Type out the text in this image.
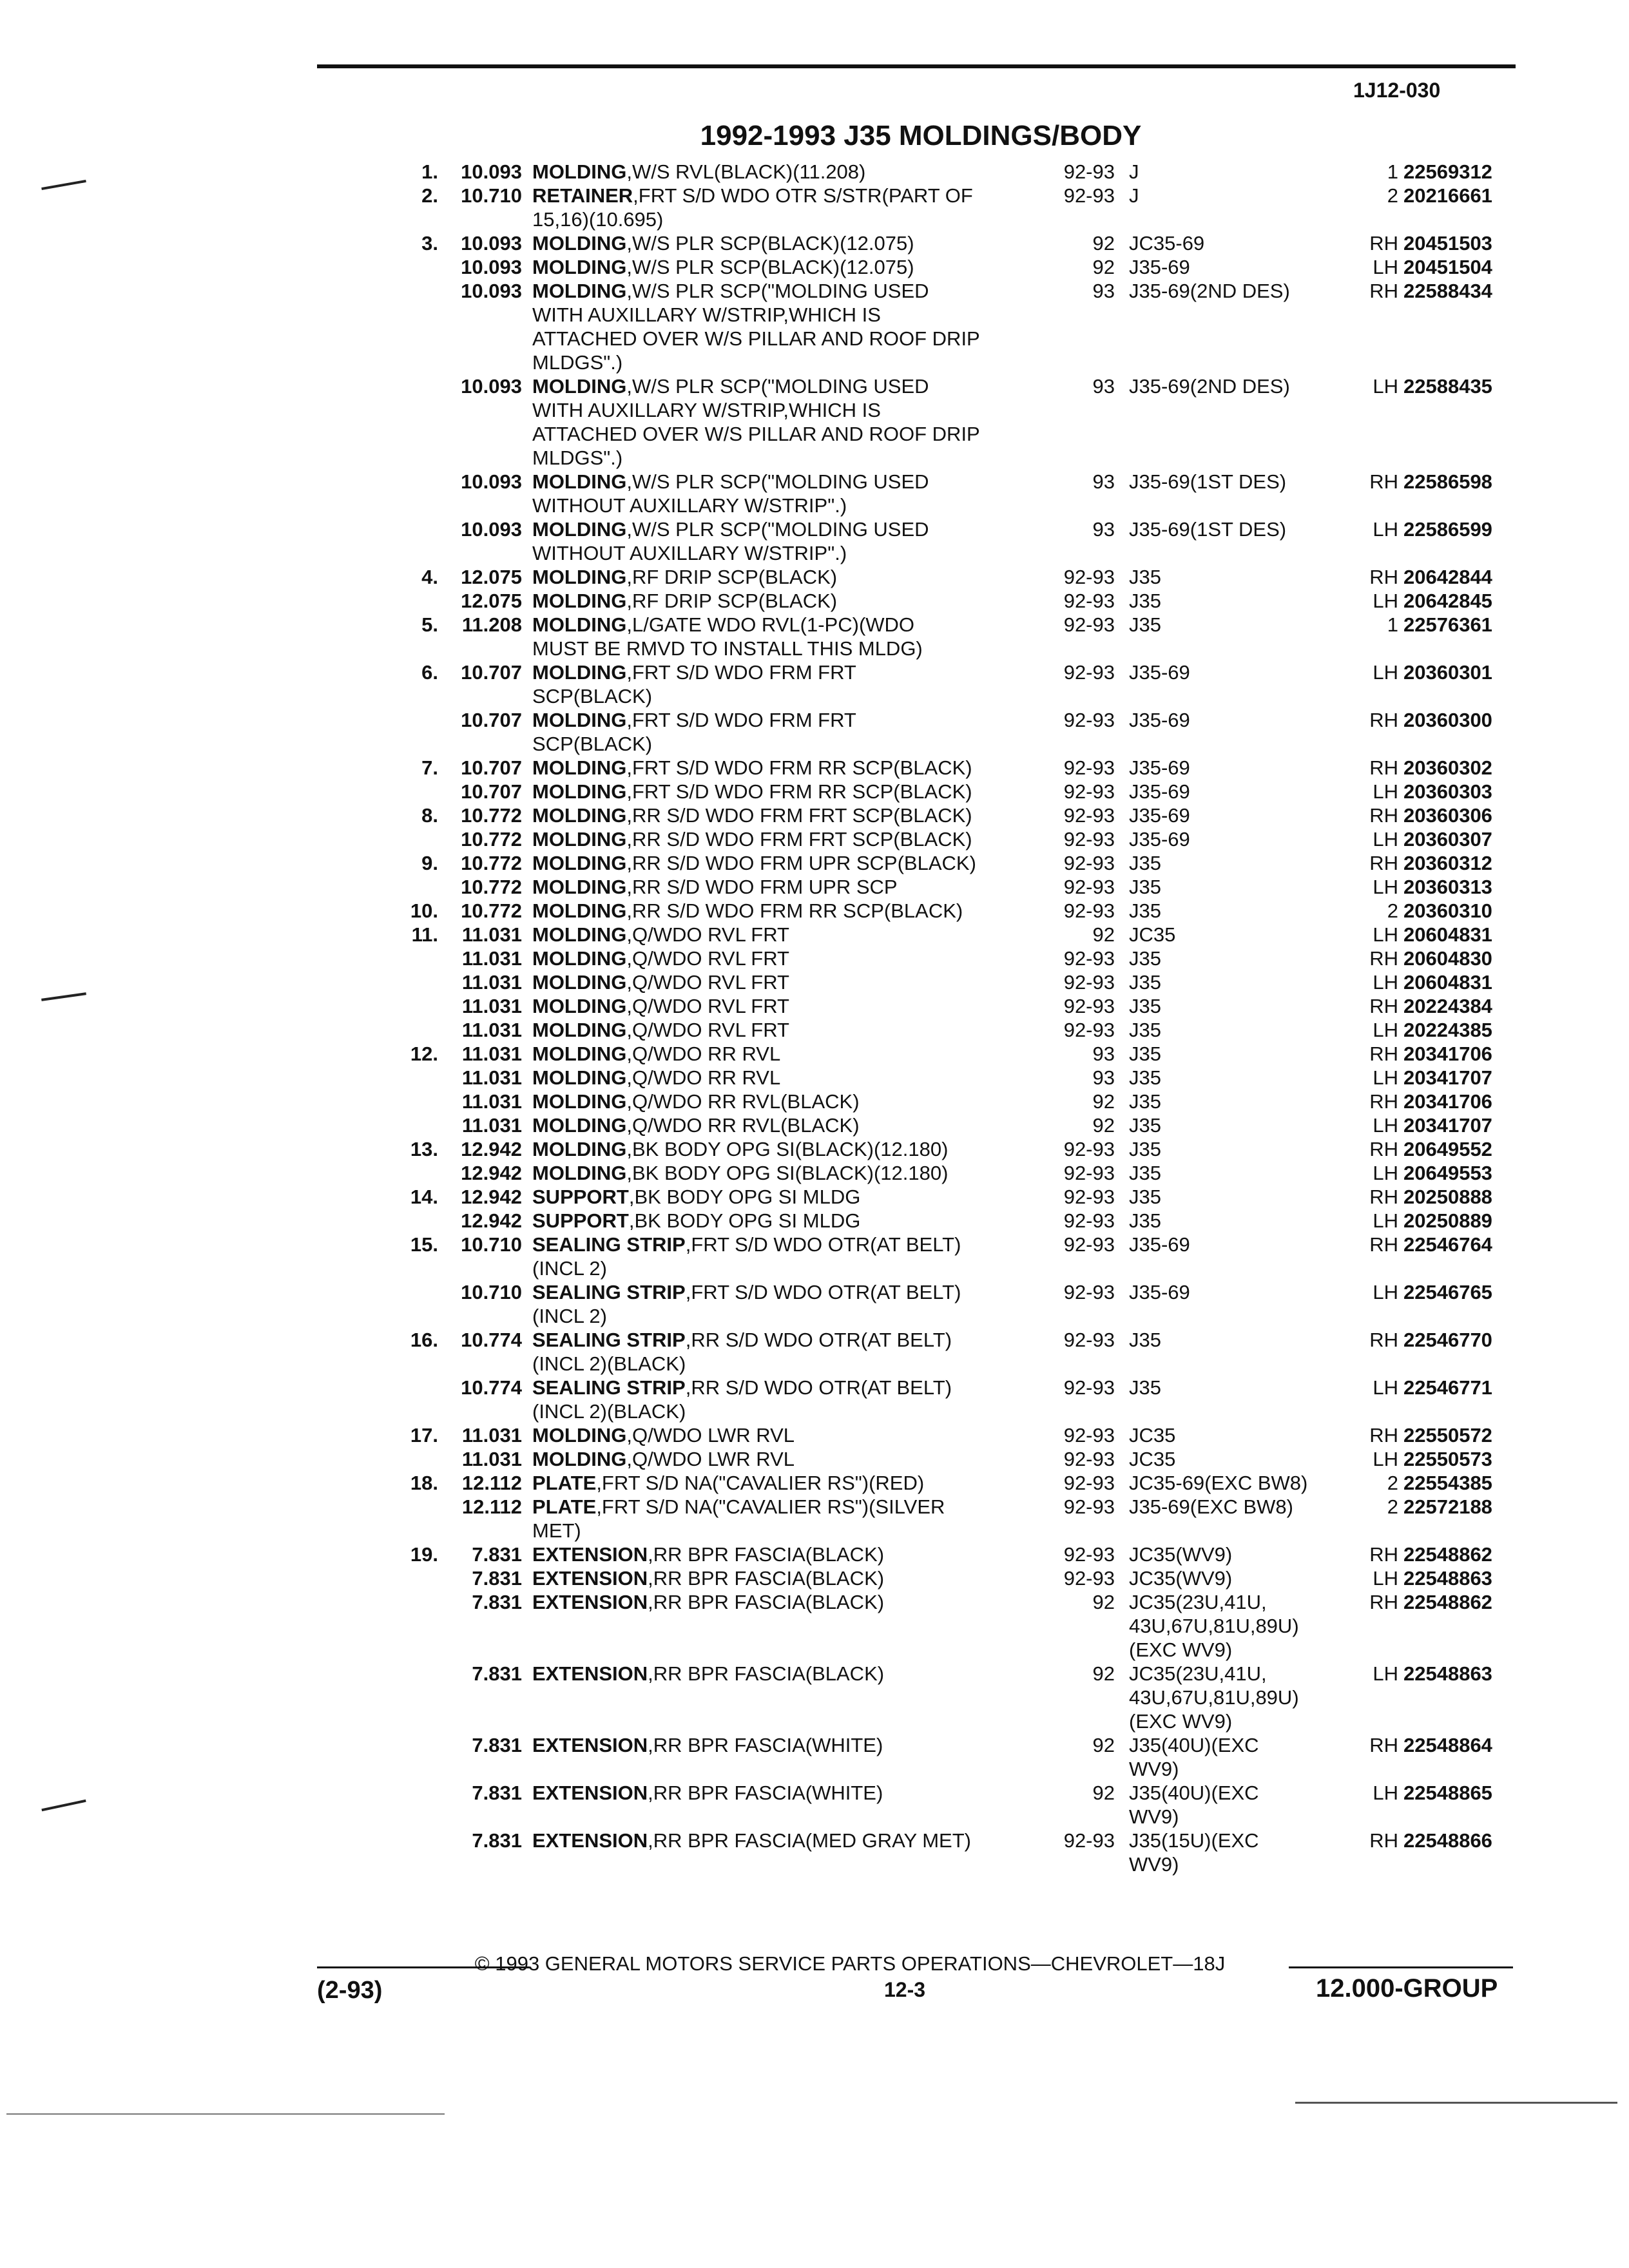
1J12-030
1992-1993 J35 MOLDINGS/BODY
1.	10.093 MOLDING,W/S RVL(BLACK)(11.208)	92-93 J	1 22569312
2.	10.710 RETAINER,FRT S/D WDO OTR S/STR(PART OF	92-93 J	2 20216661
15,16)(10.695)
3.	10.093 MOLDING,W/S PLR SCP(BLACK)(12.075)	92 JC35-69	RH 20451503
10.093 MOLDING,W/S PLR SCP(BLACK)(12.075)	92 J35-69	LH 20451504
10.093 MOLDING,W/S PLR SCP("MOLDING USED	93 J35-69(2ND DES)	RH 22588434
WITH AUXILLARY W/STRIP,WHICH IS
ATTACHED OVER W/S PILLAR AND ROOF DRIP
MLDGS".)
10.093 MOLDING,W/S PLR SCP("MOLDING USED	93 J35-69(2ND DES)	LH 22588435
WITH AUXILLARY W/STRIP,WHICH IS
ATTACHED OVER W/S PILLAR AND ROOF DRIP
MLDGS".)
10.093 MOLDING,W/S PLR SCP("MOLDING USED	93 J35-69(1ST DES)	RH 22586598
WITHOUT AUXILLARY W/STRIP".)
10.093 MOLDING,W/S PLR SCP("MOLDING USED	93 J35-69(1ST DES)	LH 22586599
WITHOUT AUXILLARY W/STRIP".)
4.	12.075 MOLDING,RF DRIP SCP(BLACK)	92-93 J35	RH 20642844
12.075 MOLDING,RF DRIP SCP(BLACK)	92-93 J35	LH 20642845
5.	11.208 MOLDING,L/GATE WDO RVL(1-PC)(WDO	92-93 J35	1 22576361
MUST BE RMVD TO INSTALL THIS MLDG)
6.	10.707 MOLDING,FRT S/D WDO FRM FRT	92-93 J35-69	LH 20360301
SCP(BLACK)
10.707 MOLDING,FRT S/D WDO FRM FRT	92-93 J35-69	RH 20360300
SCP(BLACK)
7.	10.707 MOLDING,FRT S/D WDO FRM RR SCP(BLACK)	92-93 J35-69	RH 20360302
10.707 MOLDING,FRT S/D WDO FRM RR SCP(BLACK)	92-93 J35-69	LH 20360303
8.	10.772 MOLDING,RR S/D WDO FRM FRT SCP(BLACK)	92-93 J35-69	RH 20360306
10.772 MOLDING,RR S/D WDO FRM FRT SCP(BLACK)	92-93 J35-69	LH 20360307
9.	10.772 MOLDING,RR S/D WDO FRM UPR SCP(BLACK)	92-93 J35	RH 20360312
10.772 MOLDING,RR S/D WDO FRM UPR SCP	92-93 J35	LH 20360313
10.	10.772 MOLDING,RR S/D WDO FRM RR SCP(BLACK)	92-93 J35	2 20360310
11.	11.031 MOLDING,Q/WDO RVL FRT	92 JC35	LH 20604831
11.031 MOLDING,Q/WDO RVL FRT	92-93 J35	RH 20604830
11.031 MOLDING,Q/WDO RVL FRT	92-93 J35	LH 20604831
11.031 MOLDING,Q/WDO RVL FRT	92-93 J35	RH 20224384
11.031 MOLDING,Q/WDO RVL FRT	92-93 J35	LH 20224385
12.	11.031 MOLDING,Q/WDO RR RVL	93 J35	RH 20341706
11.031 MOLDING,Q/WDO RR RVL	93 J35	LH 20341707
11.031 MOLDING,Q/WDO RR RVL(BLACK)	92 J35	RH 20341706
11.031 MOLDING,Q/WDO RR RVL(BLACK)	92 J35	LH 20341707
13.	12.942 MOLDING,BK BODY OPG SI(BLACK)(12.180)	92-93 J35	RH 20649552
12.942 MOLDING,BK BODY OPG SI(BLACK)(12.180)	92-93 J35	LH 20649553
14.	12.942 SUPPORT,BK BODY OPG SI MLDG	92-93 J35	RH 20250888
12.942 SUPPORT,BK BODY OPG SI MLDG	92-93 J35	LH 20250889
15.	10.710 SEALING STRIP,FRT S/D WDO OTR(AT BELT)	92-93 J35-69	RH 22546764
(INCL 2)
10.710 SEALING STRIP,FRT S/D WDO OTR(AT BELT)	92-93 J35-69	LH 22546765
(INCL 2)
16.	10.774 SEALING STRIP,RR S/D WDO OTR(AT BELT)	92-93 J35	RH 22546770
(INCL 2)(BLACK)
10.774 SEALING STRIP,RR S/D WDO OTR(AT BELT)	92-93 J35	LH 22546771
(INCL 2)(BLACK)
17.	11.031 MOLDING,Q/WDO LWR RVL	92-93 JC35	RH 22550572
11.031 MOLDING,Q/WDO LWR RVL	92-93 JC35	LH 22550573
18.	12.112 PLATE,FRT S/D NA("CAVALIER RS")(RED)	92-93 JC35-69(EXC BW8)	2 22554385
12.112 PLATE,FRT S/D NA("CAVALIER RS")(SILVER	92-93 J35-69(EXC BW8)	2 22572188
MET)
19.	7.831 EXTENSION,RR BPR FASCIA(BLACK)	92-93 JC35(WV9)	RH 22548862
7.831 EXTENSION,RR BPR FASCIA(BLACK)	92-93 JC35(WV9)	LH 22548863
7.831 EXTENSION,RR BPR FASCIA(BLACK)	92 JC35(23U,41U,	RH 22548862
43U,67U,81U,89U)
(EXC WV9)
7.831 EXTENSION,RR BPR FASCIA(BLACK)	92 JC35(23U,41U,	LH 22548863
43U,67U,81U,89U)
(EXC WV9)
7.831 EXTENSION,RR BPR FASCIA(WHITE)	92 J35(40U)(EXC	RH 22548864
WV9)
7.831 EXTENSION,RR BPR FASCIA(WHITE)	92 J35(40U)(EXC	LH 22548865
WV9)
7.831 EXTENSION,RR BPR FASCIA(MED GRAY MET)	92-93 J35(15U)(EXC	RH 22548866
WV9)
© 1993 GENERAL MOTORS SERVICE PARTS OPERATIONS—CHEVROLET—18J
(2-93)	12-3	12.000-GROUP
